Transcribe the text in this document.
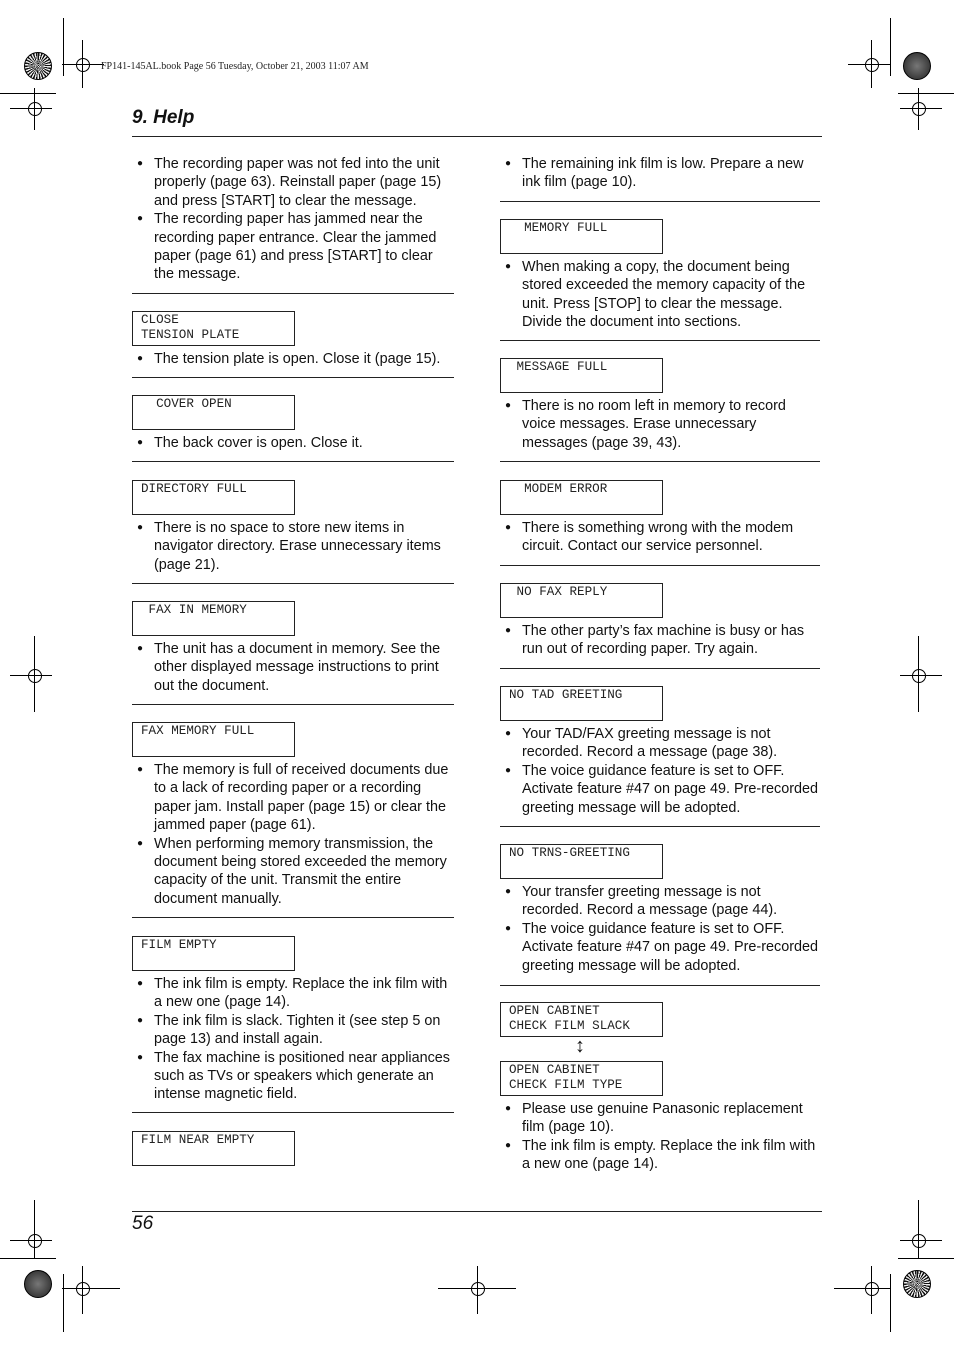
FP141-145AL.book Page 56 Tuesday, October 21, 2003 11:07 AM
9. Help
● The recording paper was not fed into the unit properly (page 63). Reinstall paper (page 15) and press [START] to clear the message.
● The recording paper has jammed near the recording paper entrance. Clear the jammed paper (page 61) and press [START] to clear the message.
CLOSE
TENSION PLATE
● The tension plate is open. Close it (page 15).
COVER OPEN
● The back cover is open. Close it.
DIRECTORY FULL
● There is no space to store new items in navigator directory. Erase unnecessary items (page 21).
FAX IN MEMORY
● The unit has a document in memory. See the other displayed message instructions to print out the document.
FAX MEMORY FULL
● The memory is full of received documents due to a lack of recording paper or a recording paper jam. Install paper (page 15) or clear the jammed paper (page 61).
● When performing memory transmission, the document being stored exceeded the memory capacity of the unit. Transmit the entire document manually.
FILM EMPTY
● The ink film is empty. Replace the ink film with a new one (page 14).
● The ink film is slack. Tighten it (see step 5 on page 13) and install again.
● The fax machine is positioned near appliances such as TVs or speakers which generate an intense magnetic field.
FILM NEAR EMPTY
● The remaining ink film is low. Prepare a new ink film (page 10).
MEMORY FULL
● When making a copy, the document being stored exceeded the memory capacity of the unit. Press [STOP] to clear the message. Divide the document into sections.
MESSAGE FULL
● There is no room left in memory to record voice messages. Erase unnecessary messages (page 39, 43).
MODEM ERROR
● There is something wrong with the modem circuit. Contact our service personnel.
NO FAX REPLY
● The other party’s fax machine is busy or has run out of recording paper. Try again.
NO TAD GREETING
● Your TAD/FAX greeting message is not recorded. Record a message (page 38).
● The voice guidance feature is set to OFF. Activate feature #47 on page 49. Pre-recorded greeting message will be adopted.
NO TRNS-GREETING
● Your transfer greeting message is not recorded. Record a message (page 44).
● The voice guidance feature is set to OFF. Activate feature #47 on page 49. Pre-recorded greeting message will be adopted.
OPEN CABINET
CHECK FILM SLACK
↕
OPEN CABINET
CHECK FILM TYPE
● Please use genuine Panasonic replacement film (page 10).
● The ink film is empty. Replace the ink film with a new one (page 14).
56
